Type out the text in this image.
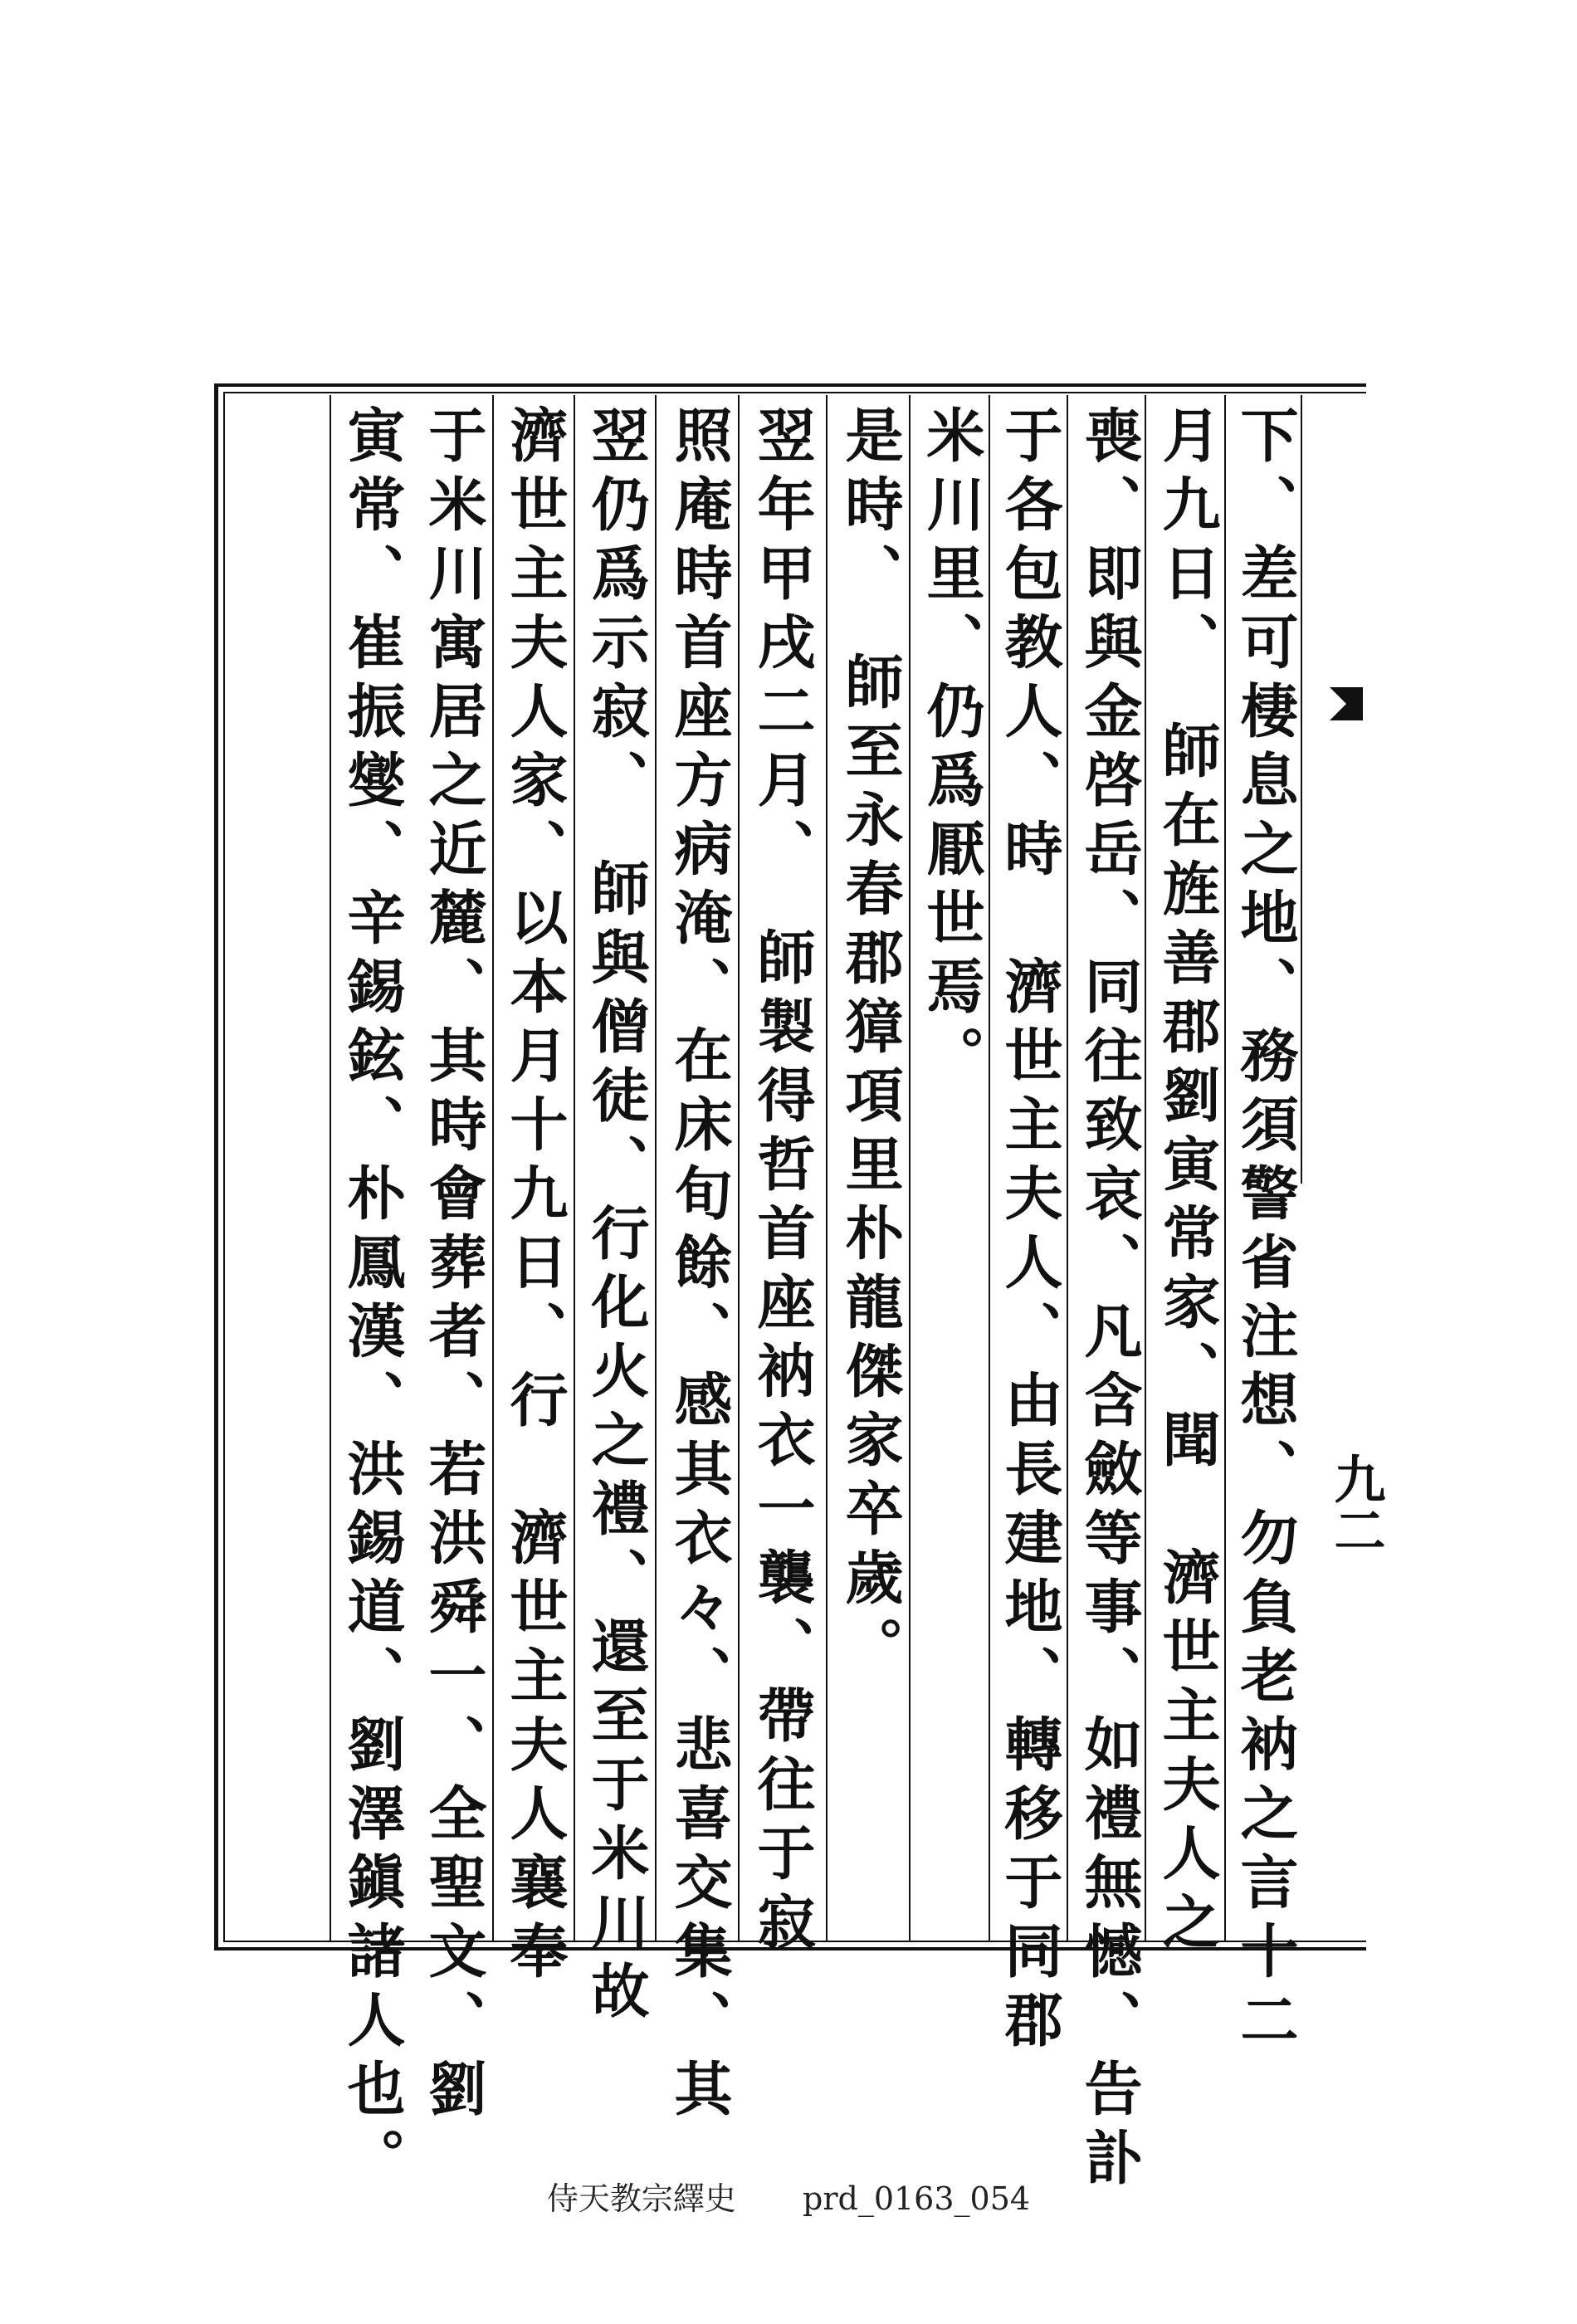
下、差可棲息之地、務須警省注想、勿負老衲之言十二
月九日、　師在旌善郡劉寅常家、聞　濟世主夫人之
喪、即與金啓岳、同往致哀、凡含斂等事、如禮無憾、告訃
于各包教人、時　濟世主夫人、由長建地、轉移于同郡
米川里、仍爲厭世焉。
是時、　師至永春郡獐項里朴龍傑家卒歲。
翌年甲戌二月、　師製得哲首座衲衣一襲、帶往于寂
照庵時首座方病淹、在床旬餘、感其衣々、悲喜交集、其
翌仍爲示寂、　師與僧徒、行化火之禮、還至于米川故
濟世主夫人家、以本月十九日、行　濟世主夫人襄奉
于米川寓居之近麓、其時會葬者、若洪舜一、全聖文、劉
寅常、崔振燮、辛錫鉉、朴鳳漢、洪錫道、劉澤鎭諸人也。	九二
侍天教宗繹史 prd_0163_054
